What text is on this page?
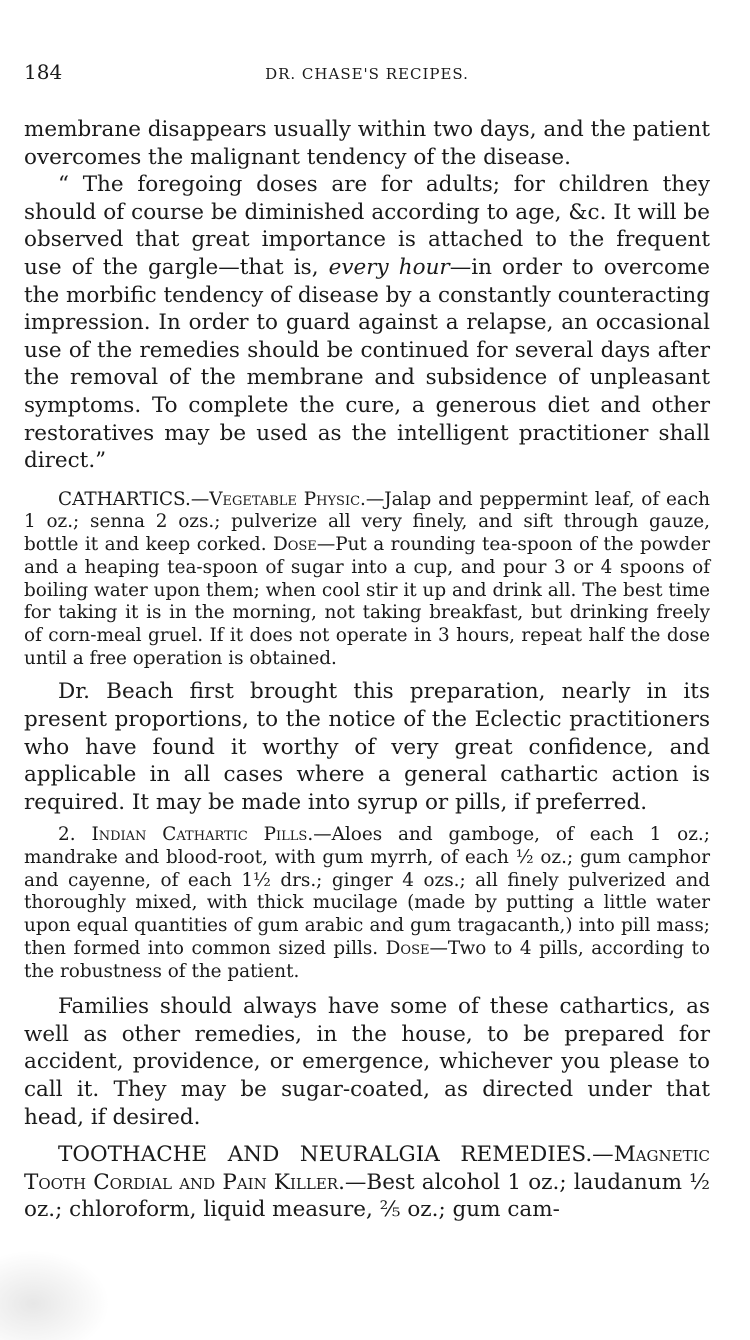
184	DR. CHASE'S RECIPES.

membrane disappears usually within two days, and the patient overcomes the malignant tendency of the disease.

“ The foregoing doses are for adults; for children they should of course be diminished according to age, &c. It will be observed that great importance is attached to the frequent use of the gargle—that is, every hour—in order to overcome the morbific tendency of disease by a constantly counteracting impression. In order to guard against a relapse, an occasional use of the remedies should be continued for several days after the removal of the membrane and subsidence of unpleasant symptoms. To complete the cure, a generous diet and other restoratives may be used as the intelligent practitioner shall direct.”

CATHARTICS.—Vegetable Physic.—Jalap and peppermint leaf, of each 1 oz.; senna 2 ozs.; pulverize all very finely, and sift through gauze, bottle it and keep corked. Dose—Put a rounding tea-spoon of the powder and a heaping tea-spoon of sugar into a cup, and pour 3 or 4 spoons of boiling water upon them; when cool stir it up and drink all. The best time for taking it is in the morning, not taking breakfast, but drinking freely of corn-meal gruel. If it does not operate in 3 hours, repeat half the dose until a free operation is obtained.

Dr. Beach first brought this preparation, nearly in its present proportions, to the notice of the Eclectic practitioners who have found it worthy of very great confidence, and applicable in all cases where a general cathartic action is required. It may be made into syrup or pills, if preferred.

2. Indian Cathartic Pills.—Aloes and gamboge, of each 1 oz.; mandrake and blood-root, with gum myrrh, of each ½ oz.; gum camphor and cayenne, of each 1½ drs.; ginger 4 ozs.; all finely pulverized and thoroughly mixed, with thick mucilage (made by putting a little water upon equal quantities of gum arabic and gum tragacanth,) into pill mass; then formed into common sized pills. Dose—Two to 4 pills, according to the robustness of the patient.

Families should always have some of these cathartics, as well as other remedies, in the house, to be prepared for accident, providence, or emergence, whichever you please to call it. They may be sugar-coated, as directed under that head, if desired.

TOOTHACHE AND NEURALGIA REMEDIES.—Magnetic Tooth Cordial and Pain Killer.—Best alcohol 1 oz.; laudanum ½ oz.; chloroform, liquid measure, ⅖ oz.; gum cam-
